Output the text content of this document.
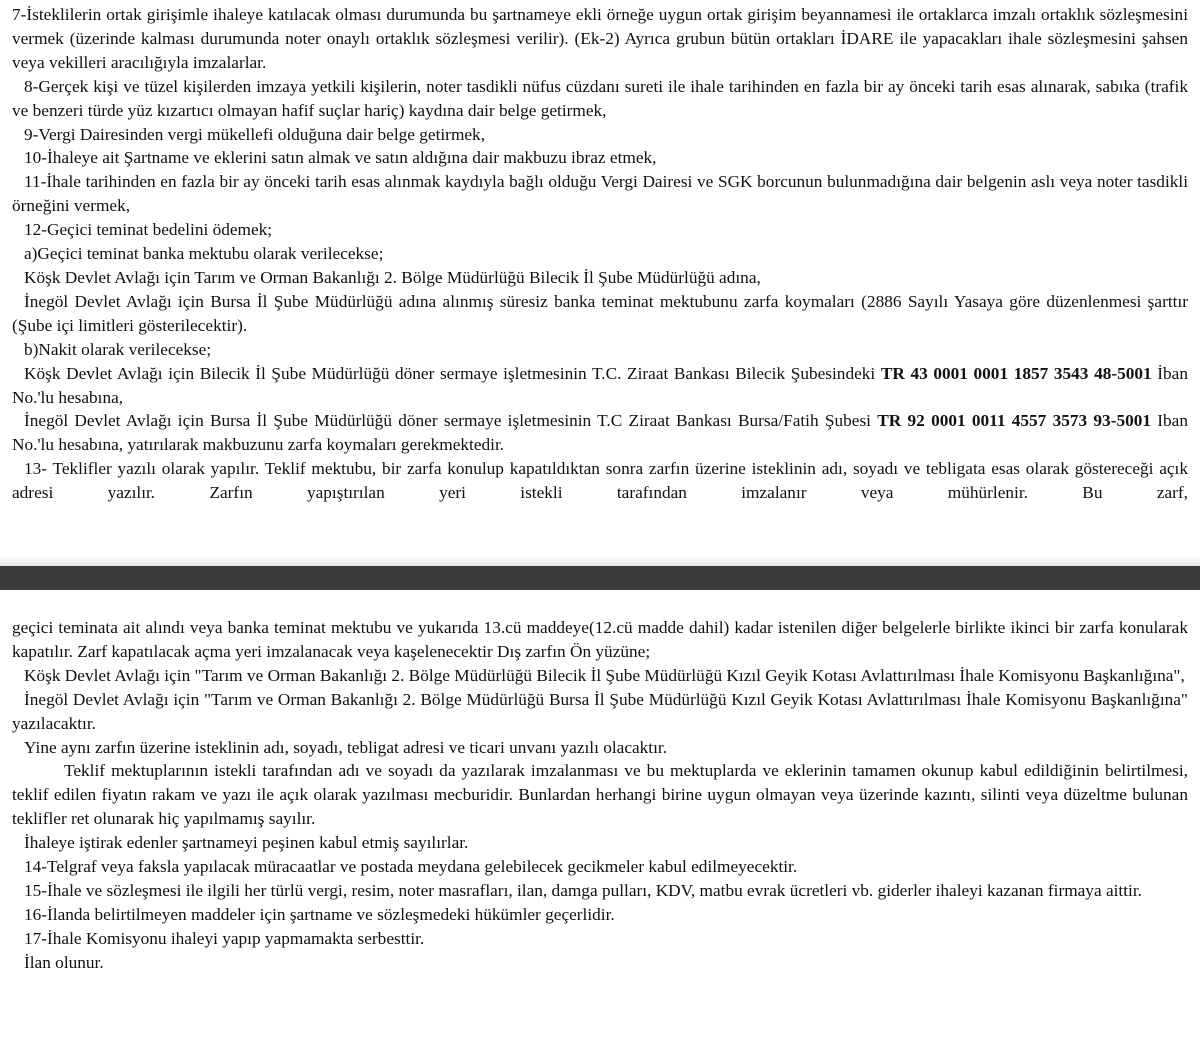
7-İsteklilerin ortak girişimle ihaleye katılacak olması durumunda bu şartnameye ekli örneğe uygun ortak girişim beyannamesi ile ortaklarca imzalı ortaklık sözleşmesini vermek (üzerinde kalması durumunda noter onaylı ortaklık sözleşmesi verilir). (Ek-2) Ayrıca grubun bütün ortakları İDARE ile yapacakları ihale sözleşmesini şahsen veya vekilleri aracılığıyla imzalarlar.

8-Gerçek kişi ve tüzel kişilerden imzaya yetkili kişilerin, noter tasdikli nüfus cüzdanı sureti ile ihale tarihinden en fazla bir ay önceki tarih esas alınarak, sabıka (trafik ve benzeri türde yüz kızartıcı olmayan hafif suçlar hariç) kaydına dair belge getirmek,

9-Vergi Dairesinden vergi mükellefi olduğuna dair belge getirmek,

10-İhaleye ait Şartname ve eklerini satın almak ve satın aldığına dair makbuzu ibraz etmek,

11-İhale tarihinden en fazla bir ay önceki tarih esas alınmak kaydıyla bağlı olduğu Vergi Dairesi ve SGK borcunun bulunmadığına dair belgenin aslı veya noter tasdikli örneğini vermek,

12-Geçici teminat bedelini ödemek;

a)Geçici teminat banka mektubu olarak verilecekse;

Köşk Devlet Avlağı için Tarım ve Orman Bakanlığı 2. Bölge Müdürlüğü Bilecik İl Şube Müdürlüğü adına,

İnegöl Devlet Avlağı için Bursa İl Şube Müdürlüğü adına alınmış süresiz banka teminat mektubunu zarfa koymaları (2886 Sayılı Yasaya göre düzenlenmesi şarttır (Şube içi limitleri gösterilecektir).

b)Nakit olarak verilecekse;

Köşk Devlet Avlağı için Bilecik İl Şube Müdürlüğü döner sermaye işletmesinin T.C. Ziraat Bankası Bilecik Şubesindeki TR 43 0001 0001 1857 3543 48-5001 İban No.'lu hesabına,

İnegöl Devlet Avlağı için Bursa İl Şube Müdürlüğü döner sermaye işletmesinin T.C Ziraat Bankası Bursa/Fatih Şubesi TR 92 0001 0011 4557 3573 93-5001 Iban No.'lu hesabına, yatırılarak makbuzunu zarfa koymaları gerekmektedir.

13- Teklifler yazılı olarak yapılır. Teklif mektubu, bir zarfa konulup kapatıldıktan sonra zarfın üzerine isteklinin adı, soyadı ve tebligata esas olarak göstereceği açık adresi yazılır. Zarfın yapıştırılan yeri istekli tarafından imzalanır veya mühürlenir. Bu zarf,

geçici teminata ait alındı veya banka teminat mektubu ve yukarıda 13.cü maddeye(12.cü madde dahil) kadar istenilen diğer belgelerle birlikte ikinci bir zarfa konularak kapatılır. Zarf kapatılacak açma yeri imzalanacak veya kaşelenecektir Dış zarfın Ön yüzüne;

Köşk Devlet Avlağı için "Tarım ve Orman Bakanlığı 2. Bölge Müdürlüğü Bilecik İl Şube Müdürlüğü Kızıl Geyik Kotası Avlattırılması İhale Komisyonu Başkanlığına",

İnegöl Devlet Avlağı için "Tarım ve Orman Bakanlığı 2. Bölge Müdürlüğü Bursa İl Şube Müdürlüğü Kızıl Geyik Kotası Avlattırılması İhale Komisyonu Başkanlığına" yazılacaktır.

Yine aynı zarfın üzerine isteklinin adı, soyadı, tebligat adresi ve ticari unvanı yazılı olacaktır.

Teklif mektuplarının istekli tarafından adı ve soyadı da yazılarak imzalanması ve bu mektuplarda ve eklerinin tamamen okunup kabul edildiğinin belirtilmesi, teklif edilen fiyatın rakam ve yazı ile açık olarak yazılması mecburidir. Bunlardan herhangi birine uygun olmayan veya üzerinde kazıntı, silinti veya düzeltme bulunan teklifler ret olunarak hiç yapılmamış sayılır.

İhaleye iştirak edenler şartnameyi peşinen kabul etmiş sayılırlar.

14-Telgraf veya faksla yapılacak müracaatlar ve postada meydana gelebilecek gecikmeler kabul edilmeyecektir.

15-İhale ve sözleşmesi ile ilgili her türlü vergi, resim, noter masrafları, ilan, damga pulları, KDV, matbu evrak ücretleri vb. giderler ihaleyi kazanan firmaya aittir.

16-İlanda belirtilmeyen maddeler için şartname ve sözleşmedeki hükümler geçerlidir.

17-İhale Komisyonu ihaleyi yapıp yapmamakta serbesttir.

İlan olunur.
